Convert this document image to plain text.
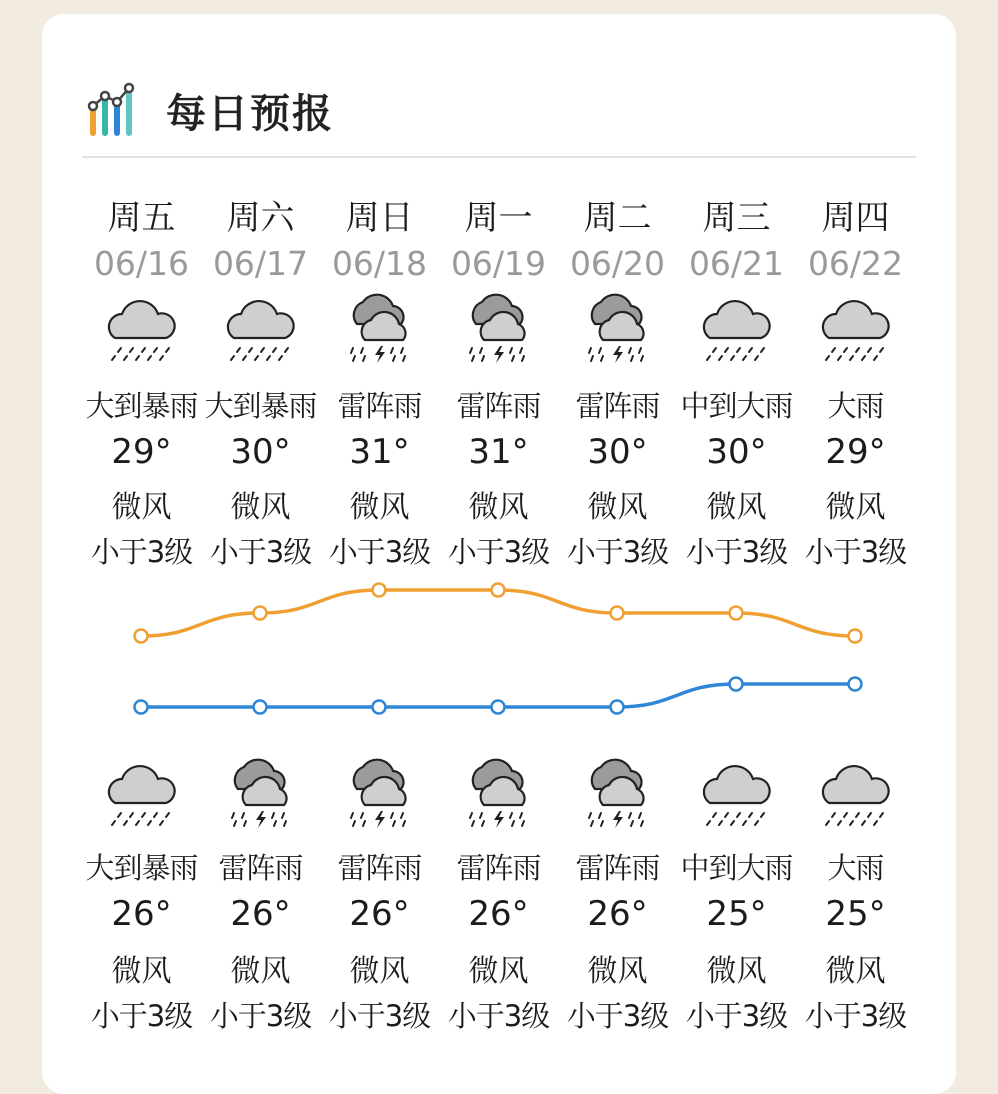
每日预报
周五
06/16
大到暴雨
29°
微风
小于3级
大到暴雨
26°
微风
小于3级
周六
06/17
大到暴雨
30°
微风
小于3级
雷阵雨
26°
微风
小于3级
周日
06/18
雷阵雨
31°
微风
小于3级
雷阵雨
26°
微风
小于3级
周一
06/19
雷阵雨
31°
微风
小于3级
雷阵雨
26°
微风
小于3级
周二
06/20
雷阵雨
30°
微风
小于3级
雷阵雨
26°
微风
小于3级
周三
06/21
中到大雨
30°
微风
小于3级
中到大雨
25°
微风
小于3级
周四
06/22
大雨
29°
微风
小于3级
大雨
25°
微风
小于3级
